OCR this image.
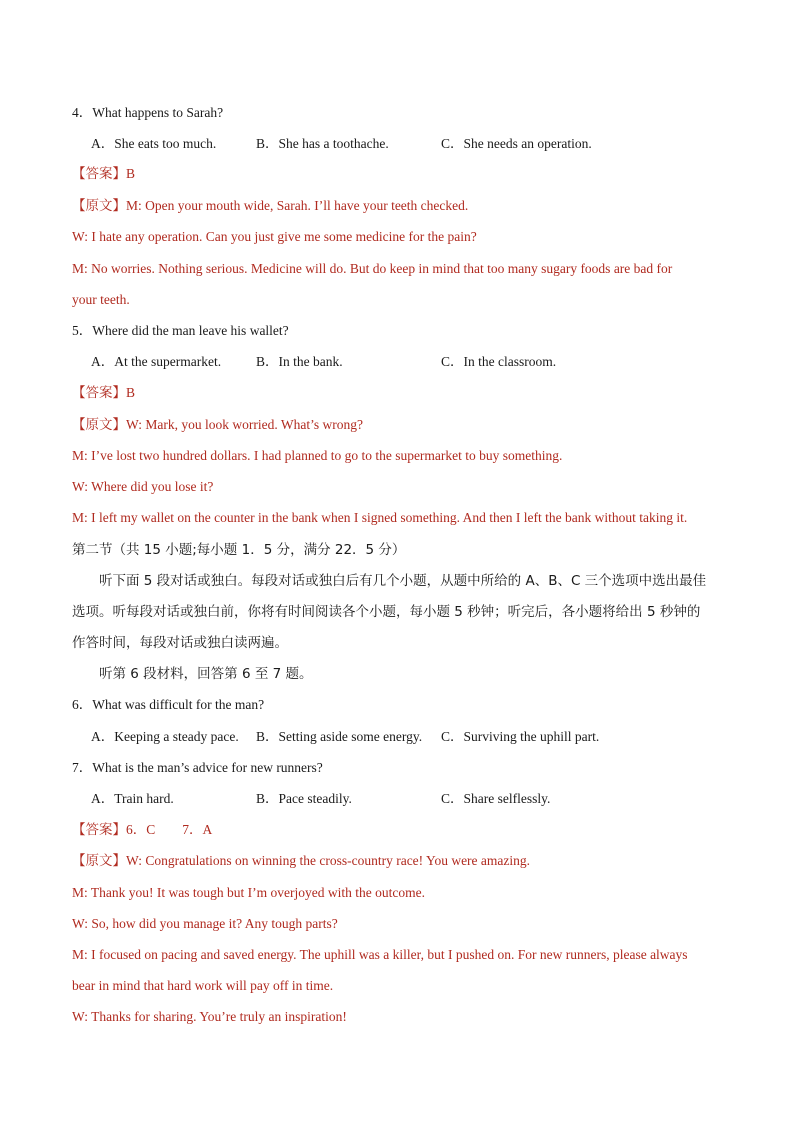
4．What happens to Sarah?
A．She eats too much.	B．She has a toothache.	C．She needs an operation.
【答案】B
【原文】M: Open your mouth wide, Sarah. I’ll have your teeth checked.
W: I hate any operation. Can you just give me some medicine for the pain?
M: No worries. Nothing serious. Medicine will do. But do keep in mind that too many sugary foods are bad for
your teeth.
5．Where did the man leave his wallet?
A．At the supermarket.	B．In the bank.	C．In the classroom.
【答案】B
【原文】W: Mark, you look worried. What’s wrong?
M: I’ve lost two hundred dollars. I had planned to go to the supermarket to buy something.
W: Where did you lose it?
M: I left my wallet on the counter in the bank when I signed something. And then I left the bank without taking it.
第二节（共 15 小题;每小题 1．5 分，满分 22．5 分）
听下面 5 段对话或独白。每段对话或独白后有几个小题，从题中所给的 A、B、C 三个选项中选出最佳
选项。听每段对话或独白前，你将有时间阅读各个小题，每小题 5 秒钟；听完后，各小题将给出 5 秒钟的
作答时间，每段对话或独白读两遍。
听第 6 段材料，回答第 6 至 7 题。
6．What was difficult for the man?
A．Keeping a steady pace. B．Setting aside some energy. C．Surviving the uphill part.
7．What is the man’s advice for new runners?
A．Train hard.	B．Pace steadily.	C．Share selflessly.
【答案】6．C　　7．A
【原文】W: Congratulations on winning the cross-country race! You were amazing.
M: Thank you! It was tough but I’m overjoyed with the outcome.
W: So, how did you manage it? Any tough parts?
M: I focused on pacing and saved energy. The uphill was a killer, but I pushed on. For new runners, please always
bear in mind that hard work will pay off in time.
W: Thanks for sharing. You’re truly an inspiration!
